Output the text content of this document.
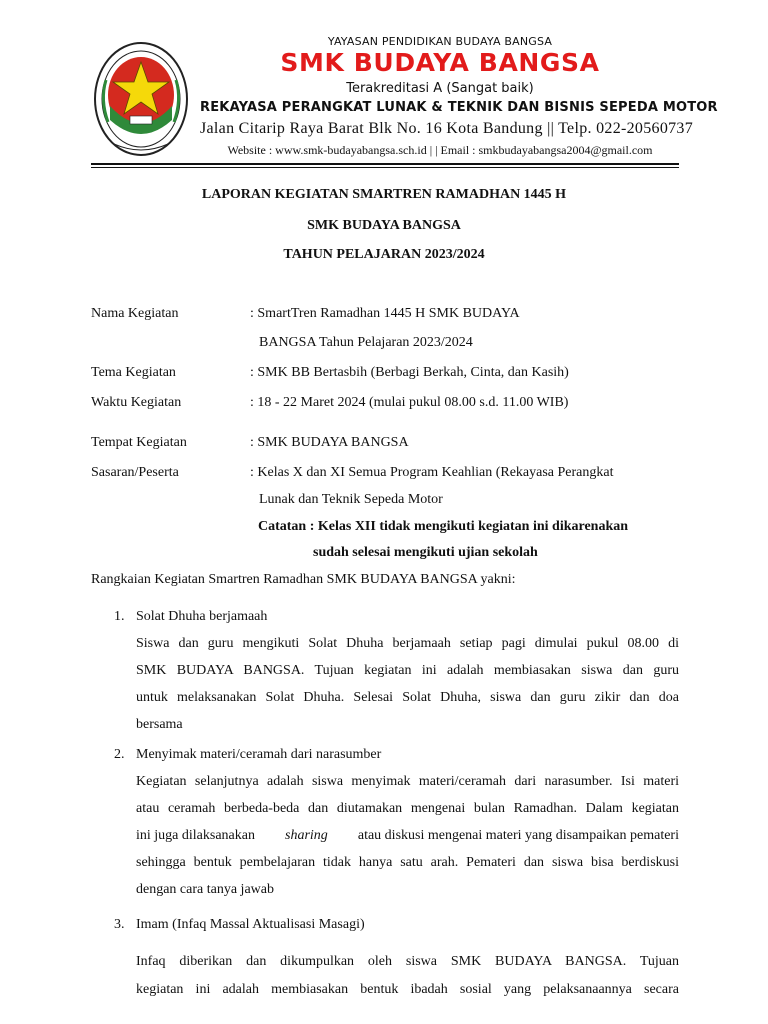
YAYASAN PENDIDIKAN BUDAYA BANGSA
SMK BUDAYA BANGSA
Terakreditasi A (Sangat baik)
REKAYASA PERANGKAT LUNAK & TEKNIK DAN BISNIS SEPEDA MOTOR
Jalan Citarip Raya Barat Blk No. 16 Kota Bandung || Telp. 022-20560737
Website : www.smk-budayabangsa.sch.id | | Email : smkbudayabangsa2004@gmail.com
LAPORAN KEGIATAN SMARTREN RAMADHAN 1445 H
SMK BUDAYA BANGSA
TAHUN PELAJARAN 2023/2024
Nama Kegiatan	: SmartTren Ramadhan 1445 H SMK BUDAYA
BANGSA Tahun Pelajaran 2023/2024
Tema Kegiatan	: SMK BB Bertasbih (Berbagi Berkah, Cinta, dan Kasih)
Waktu Kegiatan	: 18 - 22 Maret 2024 (mulai pukul 08.00 s.d. 11.00 WIB)
Tempat Kegiatan	: SMK BUDAYA BANGSA
Sasaran/Peserta	: Kelas X dan XI Semua Program Keahlian (Rekayasa Perangkat
Lunak dan Teknik Sepeda Motor
Catatan : Kelas XII tidak mengikuti kegiatan ini dikarenakan
sudah selesai mengikuti ujian sekolah
Rangkaian Kegiatan Smartren Ramadhan SMK BUDAYA BANGSA yakni:
1. Solat Dhuha berjamaah
Siswa dan guru mengikuti Solat Dhuha berjamaah setiap pagi dimulai pukul 08.00 di
SMK BUDAYA BANGSA. Tujuan kegiatan ini adalah membiasakan siswa dan guru
untuk melaksanakan Solat Dhuha. Selesai Solat Dhuha, siswa dan guru zikir dan doa
bersama
2. Menyimak materi/ceramah dari narasumber
Kegiatan selanjutnya adalah siswa menyimak materi/ceramah dari narasumber. Isi materi
atau ceramah berbeda-beda dan diutamakan mengenai bulan Ramadhan. Dalam kegiatan
ini juga dilaksanakan sharing atau diskusi mengenai materi yang disampaikan pemateri
sehingga bentuk pembelajaran tidak hanya satu arah. Pemateri dan siswa bisa berdiskusi
dengan cara tanya jawab
3. Imam (Infaq Massal Aktualisasi Masagi)
Infaq diberikan dan dikumpulkan oleh siswa SMK BUDAYA BANGSA. Tujuan
kegiatan ini adalah membiasakan bentuk ibadah sosial yang pelaksanaannya secara
